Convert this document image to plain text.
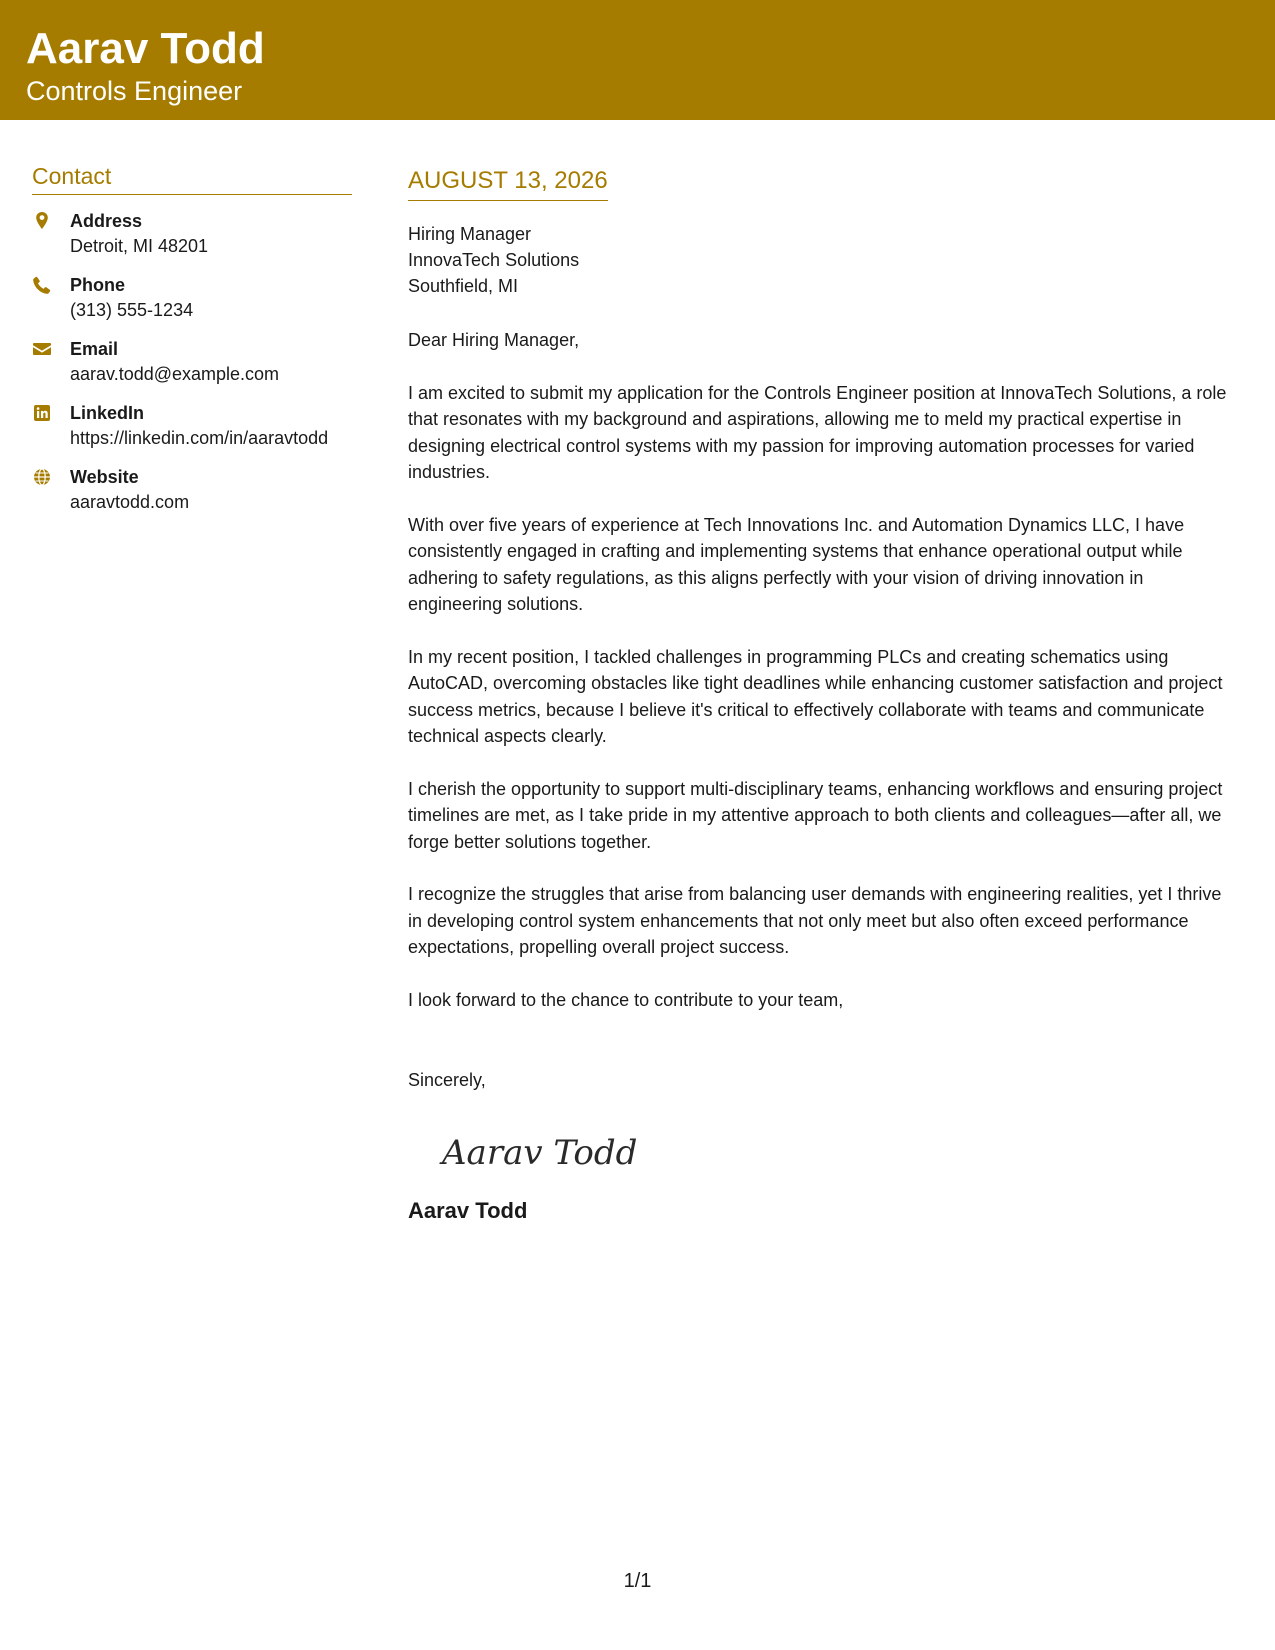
Aarav Todd
Controls Engineer
Contact
Address
Detroit, MI 48201
Phone
(313) 555-1234
Email
aarav.todd@example.com
LinkedIn
https://linkedin.com/in/aaravtodd
Website
aaravtodd.com
AUGUST 13, 2026
Hiring Manager
InnovaTech Solutions
Southfield, MI
Dear Hiring Manager,
I am excited to submit my application for the Controls Engineer position at InnovaTech Solutions, a role that resonates with my background and aspirations, allowing me to meld my practical expertise in designing electrical control systems with my passion for improving automation processes for varied industries.
With over five years of experience at Tech Innovations Inc. and Automation Dynamics LLC, I have consistently engaged in crafting and implementing systems that enhance operational output while adhering to safety regulations, as this aligns perfectly with your vision of driving innovation in engineering solutions.
In my recent position, I tackled challenges in programming PLCs and creating schematics using AutoCAD, overcoming obstacles like tight deadlines while enhancing customer satisfaction and project success metrics, because I believe it's critical to effectively collaborate with teams and communicate technical aspects clearly.
I cherish the opportunity to support multi-disciplinary teams, enhancing workflows and ensuring project timelines are met, as I take pride in my attentive approach to both clients and colleagues—after all, we forge better solutions together.
I recognize the struggles that arise from balancing user demands with engineering realities, yet I thrive in developing control system enhancements that not only meet but also often exceed performance expectations, propelling overall project success.
I look forward to the chance to contribute to your team,
Sincerely,
Aarav Todd
Aarav Todd
1/1
